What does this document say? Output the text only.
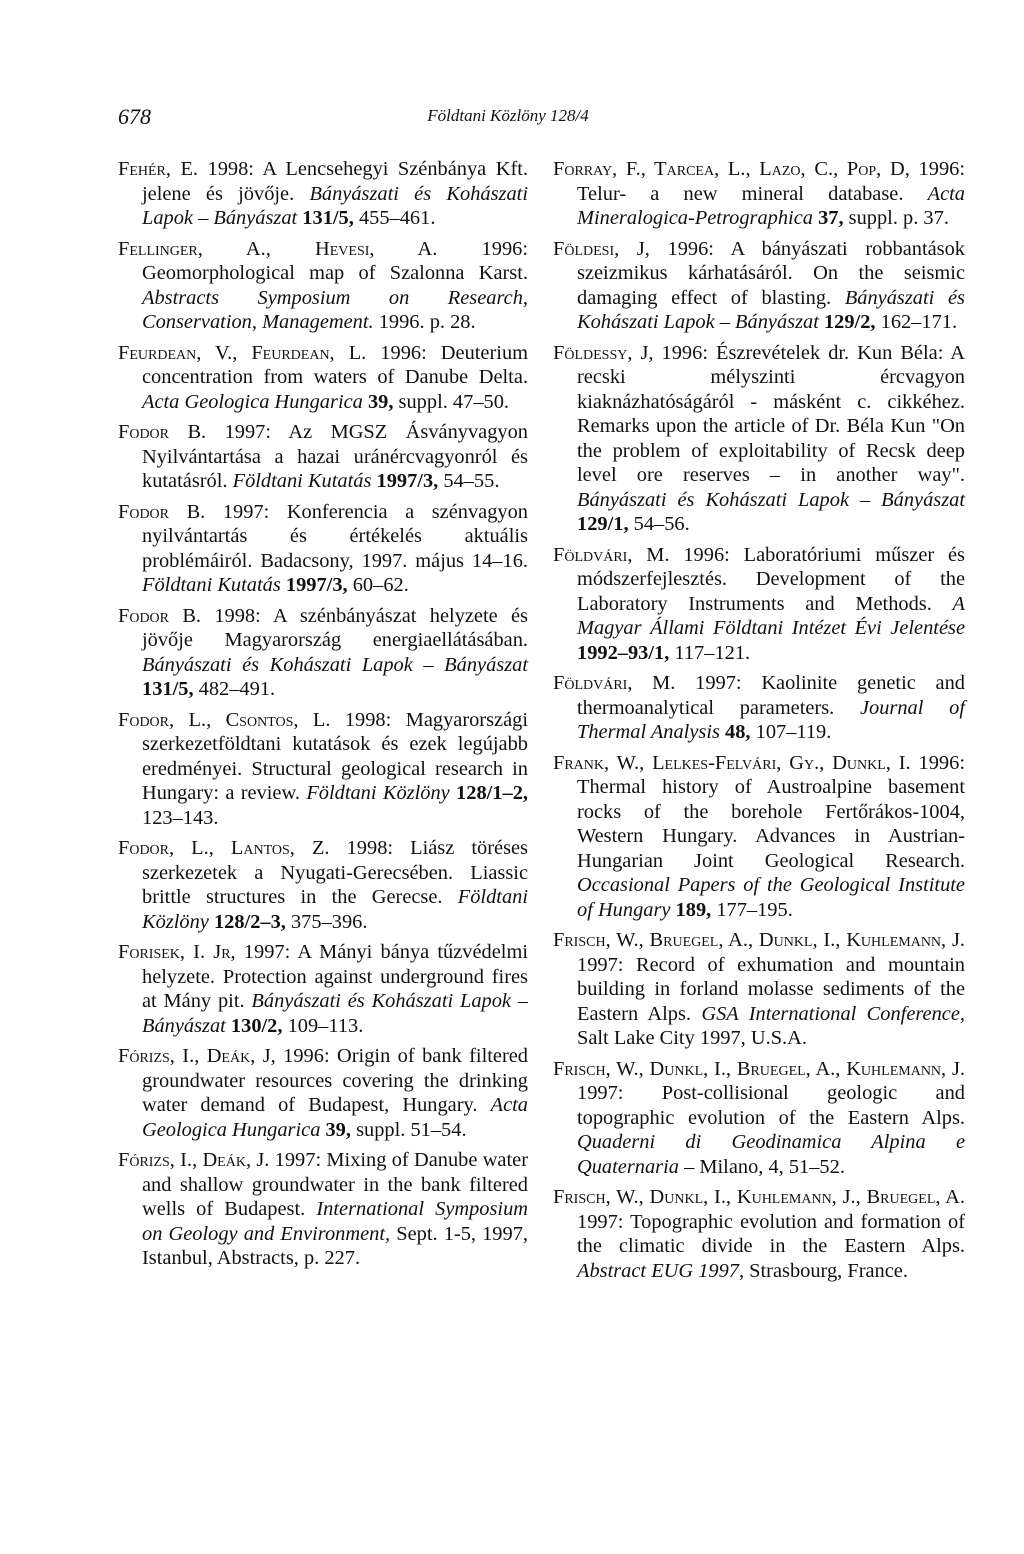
678	Földtani Közlöny 128/4

Fehér, E. 1998: A Lencsehegyi Szénbánya Kft. jelene és jövője. Bányászati és Kohászati Lapok – Bányászat 131/5, 455–461.

Fellinger, A., Hevesi, A. 1996: Geomorphological map of Szalonna Karst. Abstracts Symposium on Research, Conservation, Management. 1996. p. 28.

Feurdean, V., Feurdean, L. 1996: Deuterium concentration from waters of Danube Delta. Acta Geologica Hungarica 39, suppl. 47–50.

Fodor B. 1997: Az MGSZ Ásványvagyon Nyilvántartása a hazai uránércvagyonról és kutatásról. Földtani Kutatás 1997/3, 54–55.

Fodor B. 1997: Konferencia a szénvagyon nyilvántartás és értékelés aktuális problémáiról. Badacsony, 1997. május 14–16. Földtani Kutatás 1997/3, 60–62.

Fodor B. 1998: A szénbányászat helyzete és jövője Magyarország energiaellátásában. Bányászati és Kohászati Lapok – Bányászat 131/5, 482–491.

Fodor, L., Csontos, L. 1998: Magyarországi szerkezetföldtani kutatások és ezek legújabb eredményei. Structural geological research in Hungary: a review. Földtani Közlöny 128/1–2, 123–143.

Fodor, L., Lantos, Z. 1998: Liász töréses szerkezetek a Nyugati-Gerecsében. Liassic brittle structures in the Gerecse. Földtani Közlöny 128/2–3, 375–396.

Forisek, I. Jr, 1997: A Mányi bánya tűzvédelmi helyzete. Protection against underground fires at Mány pit. Bányászati és Kohászati Lapok – Bányászat 130/2, 109–113.

Fórizs, I., Deák, J, 1996: Origin of bank filtered groundwater resources covering the drinking water demand of Budapest, Hungary. Acta Geologica Hungarica 39, suppl. 51–54.

Fórizs, I., Deák, J. 1997: Mixing of Danube water and shallow groundwater in the bank filtered wells of Budapest. International Symposium on Geology and Environment, Sept. 1-5, 1997, Istanbul, Abstracts, p. 227.

Forray, F., Tarcea, L., Lazo, C., Pop, D, 1996: Telur- a new mineral database. Acta Mineralogica-Petrographica 37, suppl. p. 37.

Földesi, J, 1996: A bányászati robbantások szeizmikus kárhatásáról. On the seismic damaging effect of blasting. Bányászati és Kohászati Lapok – Bányászat 129/2, 162–171.

Földessy, J, 1996: Észrevételek dr. Kun Béla: A recski mélyszinti ércvagyon kiaknázhatóságáról - másként c. cikkéhez. Remarks upon the article of Dr. Béla Kun "On the problem of exploitability of Recsk deep level ore reserves – in another way". Bányászati és Kohászati Lapok – Bányászat 129/1, 54–56.

Földvári, M. 1996: Laboratóriumi műszer és módszerfejlesztés. Development of the Laboratory Instruments and Methods. A Magyar Állami Földtani Intézet Évi Jelentése 1992–93/1, 117–121.

Földvári, M. 1997: Kaolinite genetic and thermoanalytical parameters. Journal of Thermal Analysis 48, 107–119.

Frank, W., Lelkes-Felvári, Gy., Dunkl, I. 1996: Thermal history of Austroalpine basement rocks of the borehole Fertőrákos-1004, Western Hungary. Advances in Austrian-Hungarian Joint Geological Research. Occasional Papers of the Geological Institute of Hungary 189, 177–195.

Frisch, W., Bruegel, A., Dunkl, I., Kuhlemann, J. 1997: Record of exhumation and mountain building in forland molasse sediments of the Eastern Alps. GSA International Conference, Salt Lake City 1997, U.S.A.

Frisch, W., Dunkl, I., Bruegel, A., Kuhlemann, J. 1997: Post-collisional geologic and topographic evolution of the Eastern Alps. Quaderni di Geodinamica Alpina e Quaternaria – Milano, 4, 51–52.

Frisch, W., Dunkl, I., Kuhlemann, J., Bruegel, A. 1997: Topographic evolution and formation of the climatic divide in the Eastern Alps. Abstract EUG 1997, Strasbourg, France.
